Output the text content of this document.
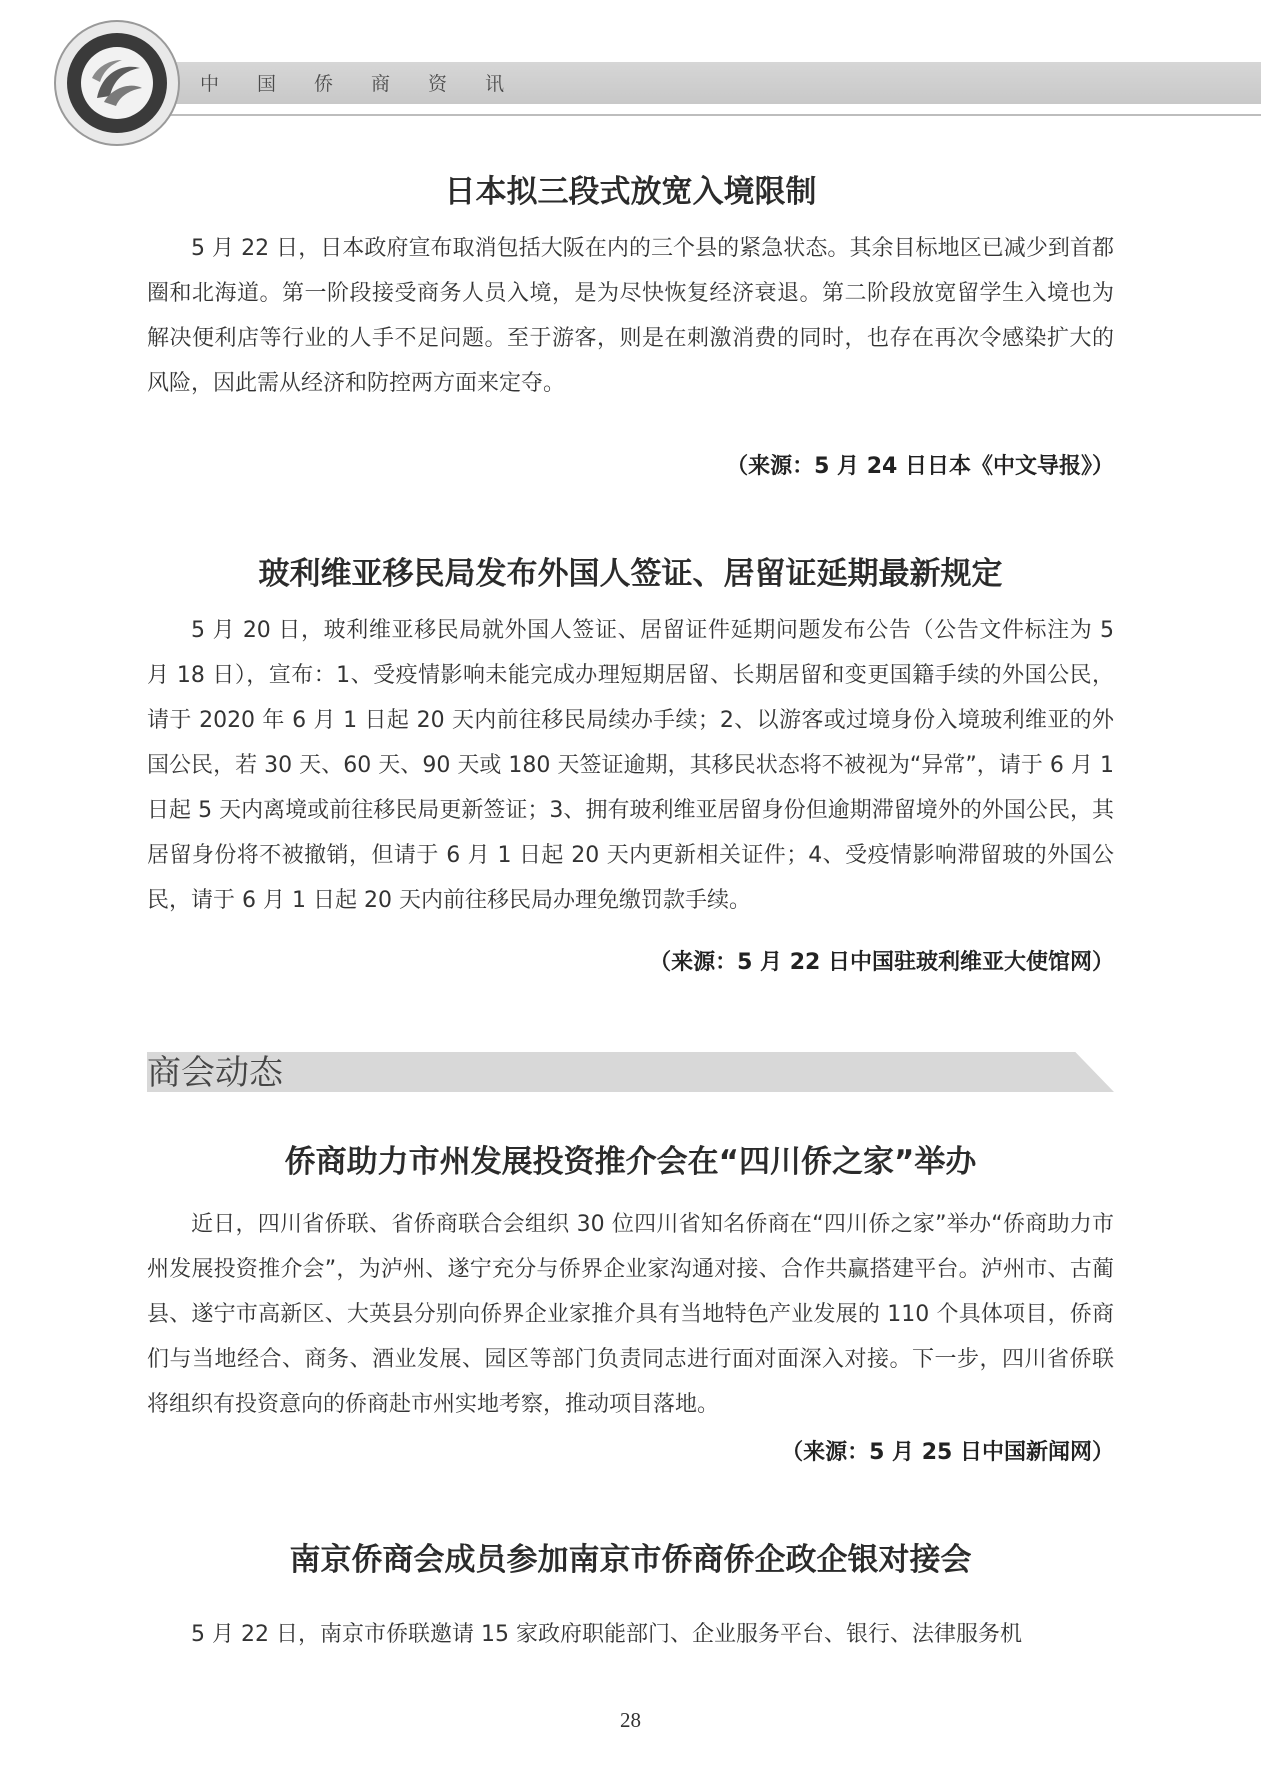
中国侨商资讯
日本拟三段式放宽入境限制
5 月 22 日，日本政府宣布取消包括大阪在内的三个县的紧急状态。其余目标地区已减少到首都圈和北海道。第一阶段接受商务人员入境，是为尽快恢复经济衰退。第二阶段放宽留学生入境也为解决便利店等行业的人手不足问题。至于游客，则是在刺激消费的同时，也存在再次令感染扩大的风险，因此需从经济和防控两方面来定夺。
（来源：5 月 24 日日本《中文导报》）
玻利维亚移民局发布外国人签证、居留证延期最新规定
5 月 20 日，玻利维亚移民局就外国人签证、居留证件延期问题发布公告（公告文件标注为 5 月 18 日），宣布：1、受疫情影响未能完成办理短期居留、长期居留和变更国籍手续的外国公民，请于 2020 年 6 月 1 日起 20 天内前往移民局续办手续；2、以游客或过境身份入境玻利维亚的外国公民，若 30 天、60 天、90 天或 180 天签证逾期，其移民状态将不被视为“异常”，请于 6 月 1 日起 5 天内离境或前往移民局更新签证；3、拥有玻利维亚居留身份但逾期滞留境外的外国公民，其居留身份将不被撤销，但请于 6 月 1 日起 20 天内更新相关证件；4、受疫情影响滞留玻的外国公民，请于 6 月 1 日起 20 天内前往移民局办理免缴罚款手续。
（来源：5 月 22 日中国驻玻利维亚大使馆网）
商会动态
侨商助力市州发展投资推介会在“四川侨之家”举办
近日，四川省侨联、省侨商联合会组织 30 位四川省知名侨商在“四川侨之家”举办“侨商助力市州发展投资推介会”，为泸州、遂宁充分与侨界企业家沟通对接、合作共赢搭建平台。泸州市、古蔺县、遂宁市高新区、大英县分别向侨界企业家推介具有当地特色产业发展的 110 个具体项目，侨商们与当地经合、商务、酒业发展、园区等部门负责同志进行面对面深入对接。下一步，四川省侨联将组织有投资意向的侨商赴市州实地考察，推动项目落地。
（来源：5 月 25 日中国新闻网）
南京侨商会成员参加南京市侨商侨企政企银对接会
5 月 22 日，南京市侨联邀请 15 家政府职能部门、企业服务平台、银行、法律服务机
28
